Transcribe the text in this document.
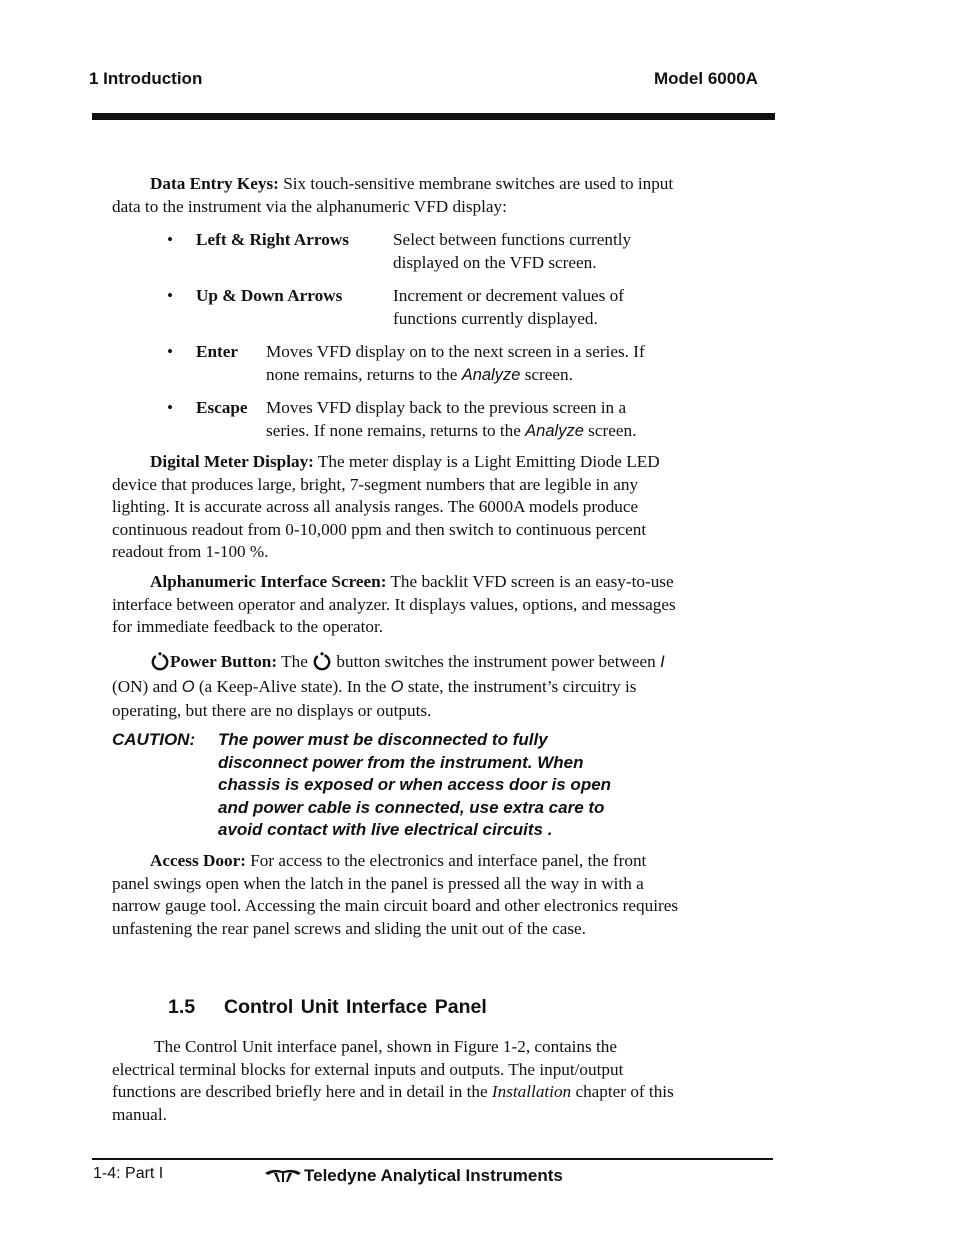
1 Introduction	Model 6000A
Data Entry Keys: Six touch-sensitive membrane switches are used to input data to the instrument via the alphanumeric VFD display:
• Left & Right Arrows	Select between functions currently
displayed on the VFD screen.
• Up & Down Arrows	Increment or decrement values of
functions currently displayed.
• Enter Moves VFD display on to the next screen in a series. If
none remains, returns to the Analyze screen.
• Escape Moves VFD display back to the previous screen in a
series. If none remains, returns to the Analyze screen.
Digital Meter Display: The meter display is a Light Emitting Diode LED device that produces large, bright, 7-segment numbers that are legible in any lighting. It is accurate across all analysis ranges. The 6000A models produce continuous readout from 0-10,000 ppm and then switch to continuous percent readout from 1-100 %.
Alphanumeric Interface Screen: The backlit VFD screen is an easy-to-use interface between operator and analyzer. It displays values, options, and messages for immediate feedback to the operator.
Power Button: The  button switches the instrument power between I (ON) and O (a Keep-Alive state). In the O state, the instrument’s circuitry is operating, but there are no displays or outputs.
CAUTION: The power must be disconnected to fully
disconnect power from the instrument. When
chassis is exposed or when access door is open
and power cable is connected, use extra care to
avoid contact with live electrical circuits .
Access Door: For access to the electronics and interface panel, the front panel swings open when the latch in the panel is pressed all the way in with a narrow gauge tool. Accessing the main circuit board and other electronics requires unfastening the rear panel screws and sliding the unit out of the case.
1.5 Control Unit Interface Panel
The Control Unit interface panel, shown in Figure 1-2, contains the electrical terminal blocks for external inputs and outputs. The input/output functions are described briefly here and in detail in the Installation chapter of this manual.
1-4: Part I	Teledyne Analytical Instruments
